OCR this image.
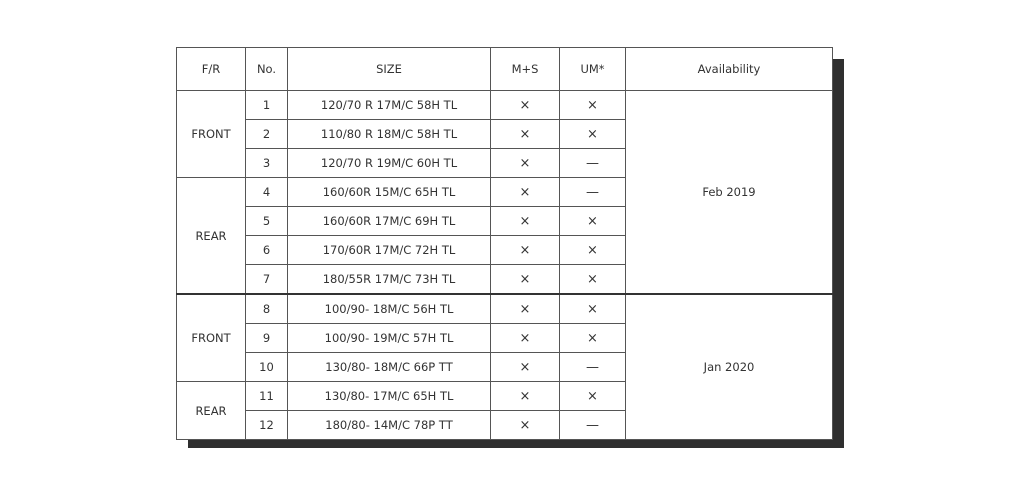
F/R	No.	SIZE	M+S	UM*	Availability
FRONT	1	120/70 R 17M/C 58H TL	×	×	Feb 2019
	2	110/80 R 18M/C 58H TL	×	×	
	3	120/70 R 19M/C 60H TL	×	—	
REAR	4	160/60R 15M/C 65H TL	×	—	
	5	160/60R 17M/C 69H TL	×	×	
	6	170/60R 17M/C 72H TL	×	×	
	7	180/55R 17M/C 73H TL	×	×	
FRONT	8	100/90- 18M/C 56H TL	×	×	Jan 2020
	9	100/90- 19M/C 57H TL	×	×	
	10	130/80- 18M/C 66P TT	×	—	
REAR	11	130/80- 17M/C 65H TL	×	×	
	12	180/80- 14M/C 78P TT	×	—	
